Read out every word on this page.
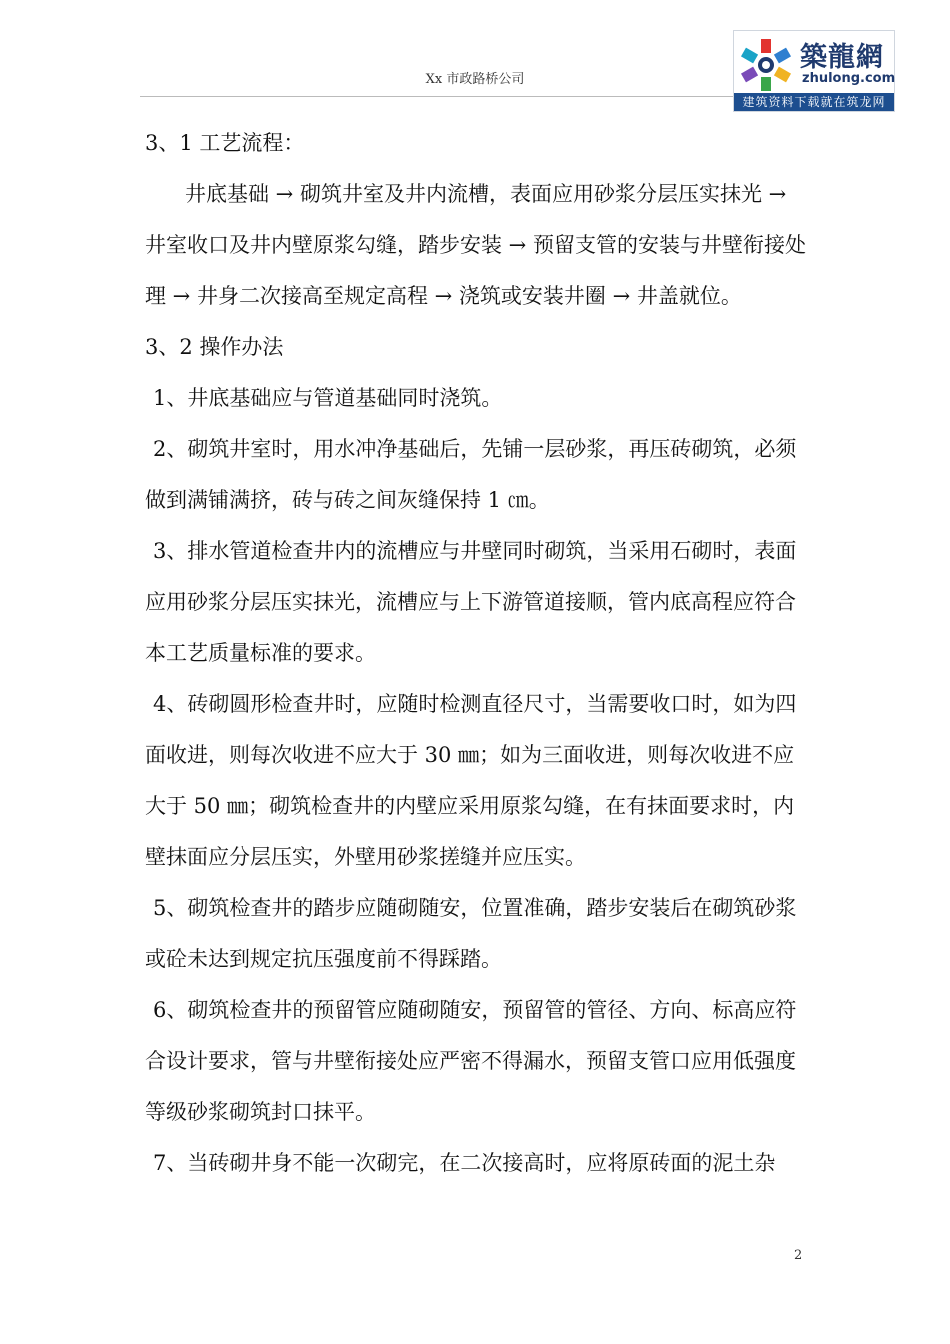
Xx 市政路桥公司
築龍網
zhulong.com
建筑资料下载就在筑龙网

3、1 工艺流程：

井底基础 → 砌筑井室及井内流槽，表面应用砂浆分层压实抹光 → 井室收口及井内壁原浆勾缝，踏步安装 → 预留支管的安装与井壁衔接处理 → 井身二次接高至规定高程 → 浇筑或安装井圈 → 井盖就位。

3、2 操作办法

1、井底基础应与管道基础同时浇筑。

2、砌筑井室时，用水冲净基础后，先铺一层砂浆，再压砖砌筑，必须做到满铺满挤，砖与砖之间灰缝保持 1 ㎝。

3、排水管道检查井内的流槽应与井壁同时砌筑，当采用石砌时，表面应用砂浆分层压实抹光，流槽应与上下游管道接顺，管内底高程应符合本工艺质量标准的要求。

4、砖砌圆形检查井时，应随时检测直径尺寸，当需要收口时，如为四面收进，则每次收进不应大于 30 ㎜；如为三面收进，则每次收进不应大于 50 ㎜；砌筑检查井的内壁应采用原浆勾缝，在有抹面要求时，内壁抹面应分层压实，外壁用砂浆搓缝并应压实。

5、砌筑检查井的踏步应随砌随安，位置准确，踏步安装后在砌筑砂浆或砼未达到规定抗压强度前不得踩踏。

6、砌筑检查井的预留管应随砌随安，预留管的管径、方向、标高应符合设计要求，管与井壁衔接处应严密不得漏水，预留支管口应用低强度等级砂浆砌筑封口抹平。

7、当砖砌井身不能一次砌完，在二次接高时，应将原砖面的泥土杂

2
